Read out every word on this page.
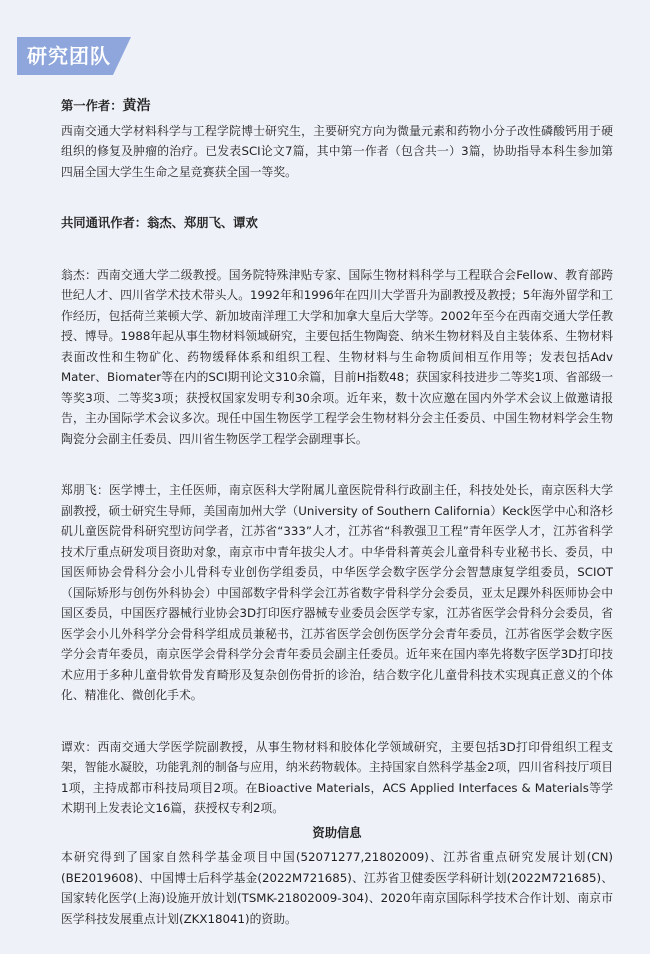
研究团队
第一作者：黄浩

西南交通大学材料科学与工程学院博士研究生，主要研究方向为微量元素和药物小分子改性磷酸钙用于硬组织的修复及肿瘤的治疗。已发表SCI论文7篇，其中第一作者（包含共一）3篇，协助指导本科生参加第四届全国大学生生命之星竞赛获全国一等奖。

共同通讯作者：翁杰、郑朋飞、谭欢

翁杰：西南交通大学二级教授。国务院特殊津贴专家、国际生物材料科学与工程联合会Fellow、教育部跨世纪人才、四川省学术技术带头人。1992年和1996年在四川大学晋升为副教授及教授；5年海外留学和工作经历，包括荷兰莱顿大学、新加坡南洋理工大学和加拿大皇后大学等。2002年至今在西南交通大学任教授、博导。1988年起从事生物材料领域研究，主要包括生物陶瓷、纳米生物材料及自主装体系、生物材料表面改性和生物矿化、药物缓释体系和组织工程、生物材料与生命物质间相互作用等；发表包括Adv Mater、Biomater等在内的SCI期刊论文310余篇，目前H指数48；获国家科技进步二等奖1项、省部级一等奖3项、二等奖3项；获授权国家发明专利30余项。近年来，数十次应邀在国内外学术会议上做邀请报告，主办国际学术会议多次。现任中国生物医学工程学会生物材料分会主任委员、中国生物材料学会生物陶瓷分会副主任委员、四川省生物医学工程学会副理事长。

郑朋飞：医学博士，主任医师，南京医科大学附属儿童医院骨科行政副主任，科技处处长，南京医科大学副教授，硕士研究生导师，美国南加州大学（University of Southern California）Keck医学中心和洛杉矶儿童医院骨科研究型访问学者，江苏省“333”人才，江苏省“科教强卫工程”青年医学人才，江苏省科学技术厅重点研发项目资助对象，南京市中青年拔尖人才。中华骨科菁英会儿童骨科专业秘书长、委员，中国医师协会骨科分会小儿骨科专业创伤学组委员，中华医学会数字医学分会智慧康复学组委员，SCIOT（国际矫形与创伤外科协会）中国部数字骨科学会江苏省数字骨科学分会委员，亚太足踝外科医师协会中国区委员，中国医疗器械行业协会3D打印医疗器械专业委员会医学专家，江苏省医学会骨科分会委员，省医学会小儿外科学分会骨科学组成员兼秘书，江苏省医学会创伤医学分会青年委员，江苏省医学会数字医学分会青年委员，南京医学会骨科学分会青年委员会副主任委员。近年来在国内率先将数字医学3D打印技术应用于多种儿童骨软骨发育畸形及复杂创伤骨折的诊治，结合数字化儿童骨科技术实现真正意义的个体化、精准化、微创化手术。

谭欢：西南交通大学医学院副教授，从事生物材料和胶体化学领域研究，主要包括3D打印骨组织工程支架，智能水凝胶，功能乳剂的制备与应用，纳米药物载体。主持国家自然科学基金2项，四川省科技厅项目1项，主持成都市科技局项目2项。在Bioactive Materials，ACS Applied Interfaces & Materials等学术期刊上发表论文16篇，获授权专利2项。

资助信息

本研究得到了国家自然科学基金项目中国(52071277,21802009)、江苏省重点研究发展计划(CN)(BE2019608)、中国博士后科学基金(2022M721685)、江苏省卫健委医学科研计划(2022M721685)、国家转化医学(上海)设施开放计划(TSMK-21802009-304)、2020年南京国际科学技术合作计划、南京市医学科技发展重点计划(ZKX18041)的资助。
